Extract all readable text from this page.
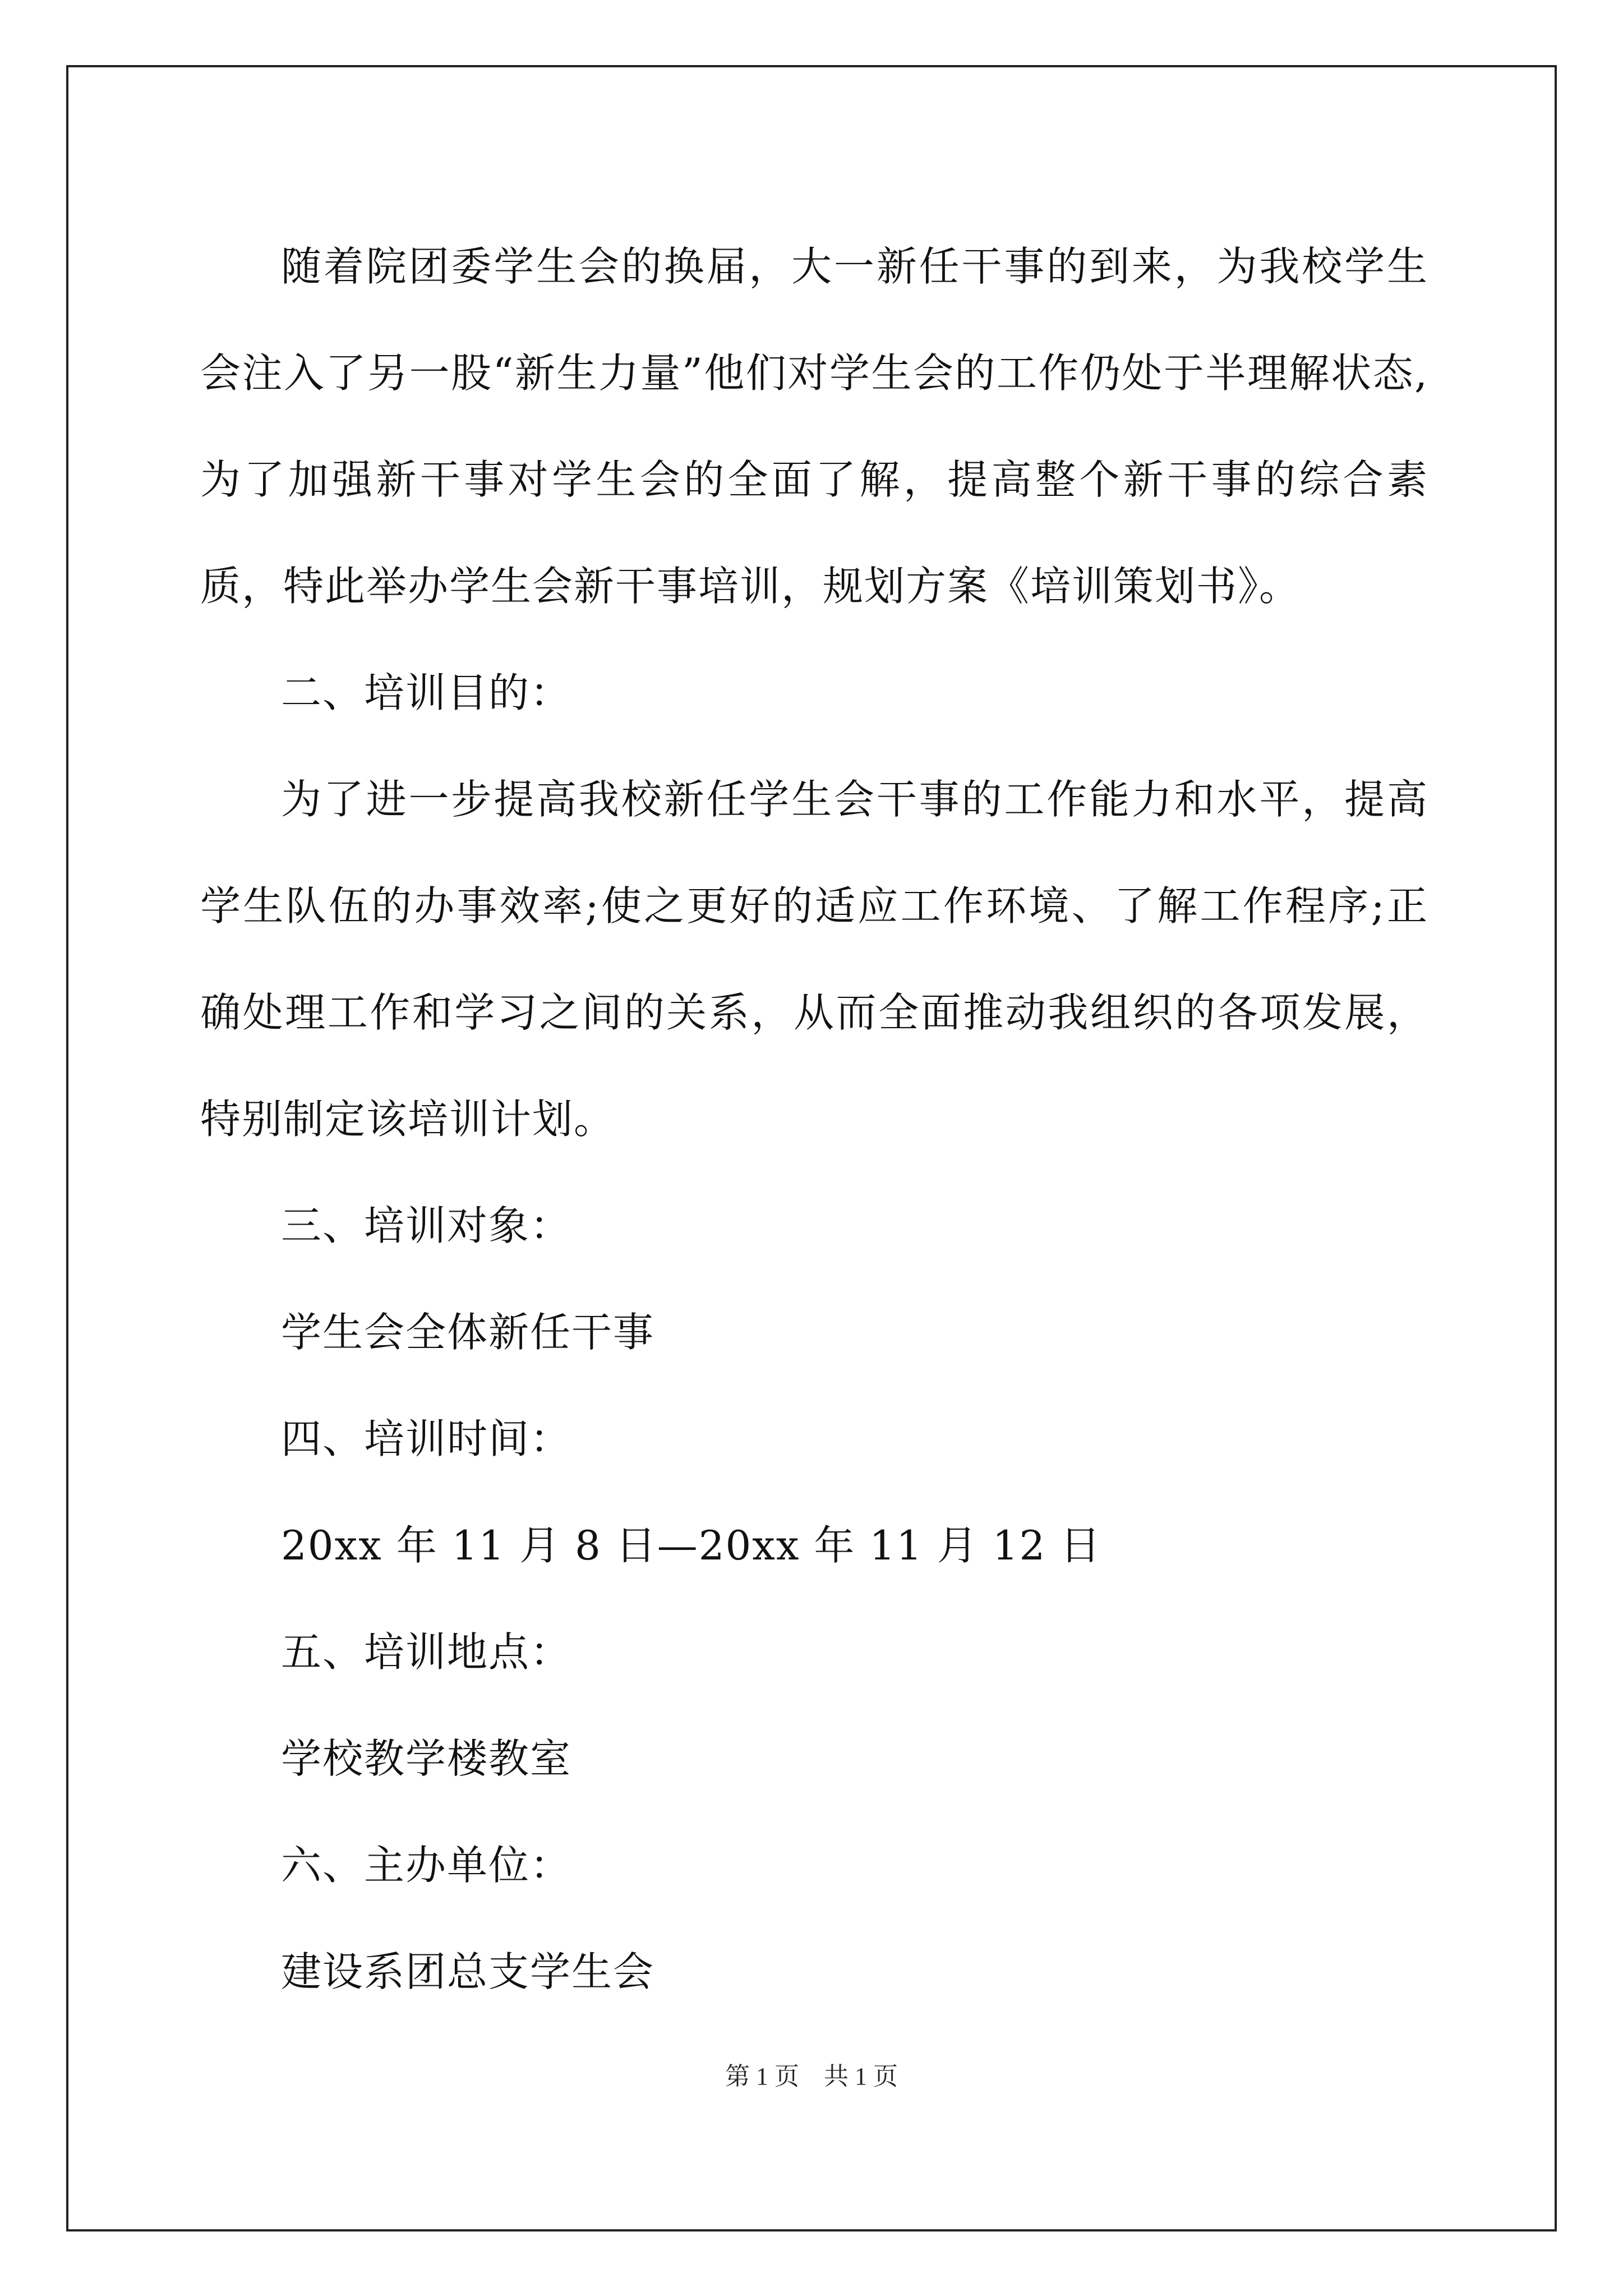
随着院团委学生会的换届，大一新任干事的到来，为我校学生会注入了另一股“新生力量”他们对学生会的工作仍处于半理解状态,为了加强新干事对学生会的全面了解，提高整个新干事的综合素质，特此举办学生会新干事培训，规划方案《培训策划书》。

二、培训目的：

为了进一步提高我校新任学生会干事的工作能力和水平，提高学生队伍的办事效率;使之更好的适应工作环境、了解工作程序;正确处理工作和学习之间的关系，从而全面推动我组织的各项发展，特别制定该培训计划。

三、培训对象：

学生会全体新任干事

四、培训时间：

20xx 年 11 月 8 日—20xx 年 11 月 12 日

五、培训地点：

学校教学楼教室

六、主办单位：

建设系团总支学生会

第 1 页 共 1 页
